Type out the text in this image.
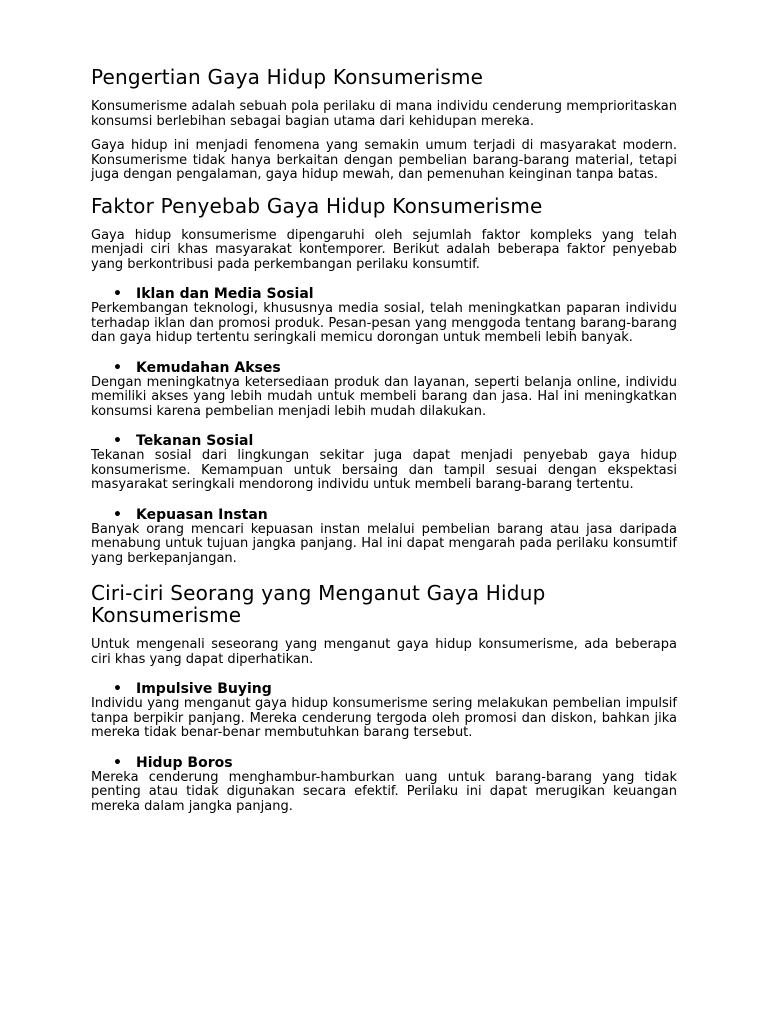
Pengertian Gaya Hidup Konsumerisme

Konsumerisme adalah sebuah pola perilaku di mana individu cenderung memprioritaskan konsumsi berlebihan sebagai bagian utama dari kehidupan mereka.

Gaya hidup ini menjadi fenomena yang semakin umum terjadi di masyarakat modern. Konsumerisme tidak hanya berkaitan dengan pembelian barang-barang material, tetapi juga dengan pengalaman, gaya hidup mewah, dan pemenuhan keinginan tanpa batas.

Faktor Penyebab Gaya Hidup Konsumerisme

Gaya hidup konsumerisme dipengaruhi oleh sejumlah faktor kompleks yang telah menjadi ciri khas masyarakat kontemporer. Berikut adalah beberapa faktor penyebab yang berkontribusi pada perkembangan perilaku konsumtif.

•	Iklan dan Media Sosial

Perkembangan teknologi, khususnya media sosial, telah meningkatkan paparan individu terhadap iklan dan promosi produk. Pesan-pesan yang menggoda tentang barang-barang dan gaya hidup tertentu seringkali memicu dorongan untuk membeli lebih banyak.

•	Kemudahan Akses

Dengan meningkatnya ketersediaan produk dan layanan, seperti belanja online, individu memiliki akses yang lebih mudah untuk membeli barang dan jasa. Hal ini meningkatkan konsumsi karena pembelian menjadi lebih mudah dilakukan.

•	Tekanan Sosial

Tekanan sosial dari lingkungan sekitar juga dapat menjadi penyebab gaya hidup konsumerisme. Kemampuan untuk bersaing dan tampil sesuai dengan ekspektasi masyarakat seringkali mendorong individu untuk membeli barang-barang tertentu.

•	Kepuasan Instan

Banyak orang mencari kepuasan instan melalui pembelian barang atau jasa daripada menabung untuk tujuan jangka panjang. Hal ini dapat mengarah pada perilaku konsumtif yang berkepanjangan.

Ciri-ciri Seorang yang Menganut Gaya Hidup Konsumerisme

Untuk mengenali seseorang yang menganut gaya hidup konsumerisme, ada beberapa ciri khas yang dapat diperhatikan.

•	Impulsive Buying

Individu yang menganut gaya hidup konsumerisme sering melakukan pembelian impulsif tanpa berpikir panjang. Mereka cenderung tergoda oleh promosi dan diskon, bahkan jika mereka tidak benar-benar membutuhkan barang tersebut.

•	Hidup Boros

Mereka cenderung menghambur-hamburkan uang untuk barang-barang yang tidak penting atau tidak digunakan secara efektif. Perilaku ini dapat merugikan keuangan mereka dalam jangka panjang.
